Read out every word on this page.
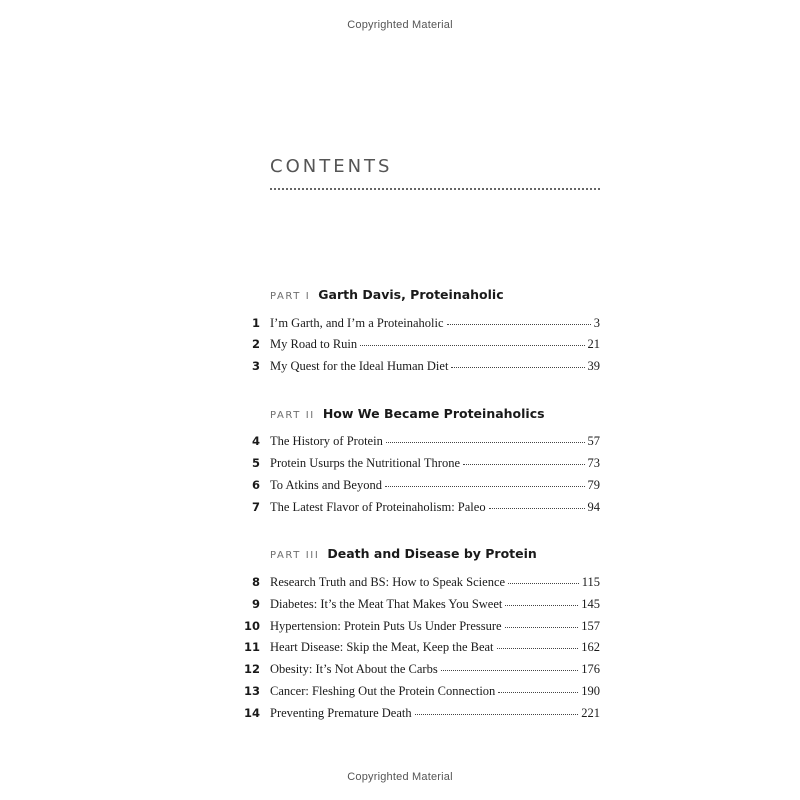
Copyrighted Material
CONTENTS
PART I Garth Davis, Proteinaholic
1 I’m Garth, and I’m a Proteinaholic	3
2 My Road to Ruin	21
3 My Quest for the Ideal Human Diet	39
PART II How We Became Proteinaholics
4 The History of Protein	57
5 Protein Usurps the Nutritional Throne	73
6 To Atkins and Beyond	79
7 The Latest Flavor of Proteinaholism: Paleo	94
PART III Death and Disease by Protein
8 Research Truth and BS: How to Speak Science	115
9 Diabetes: It’s the Meat That Makes You Sweet	145
10 Hypertension: Protein Puts Us Under Pressure	157
11 Heart Disease: Skip the Meat, Keep the Beat	162
12 Obesity: It’s Not About the Carbs	176
13 Cancer: Fleshing Out the Protein Connection	190
14 Preventing Premature Death	221
Copyrighted Material
